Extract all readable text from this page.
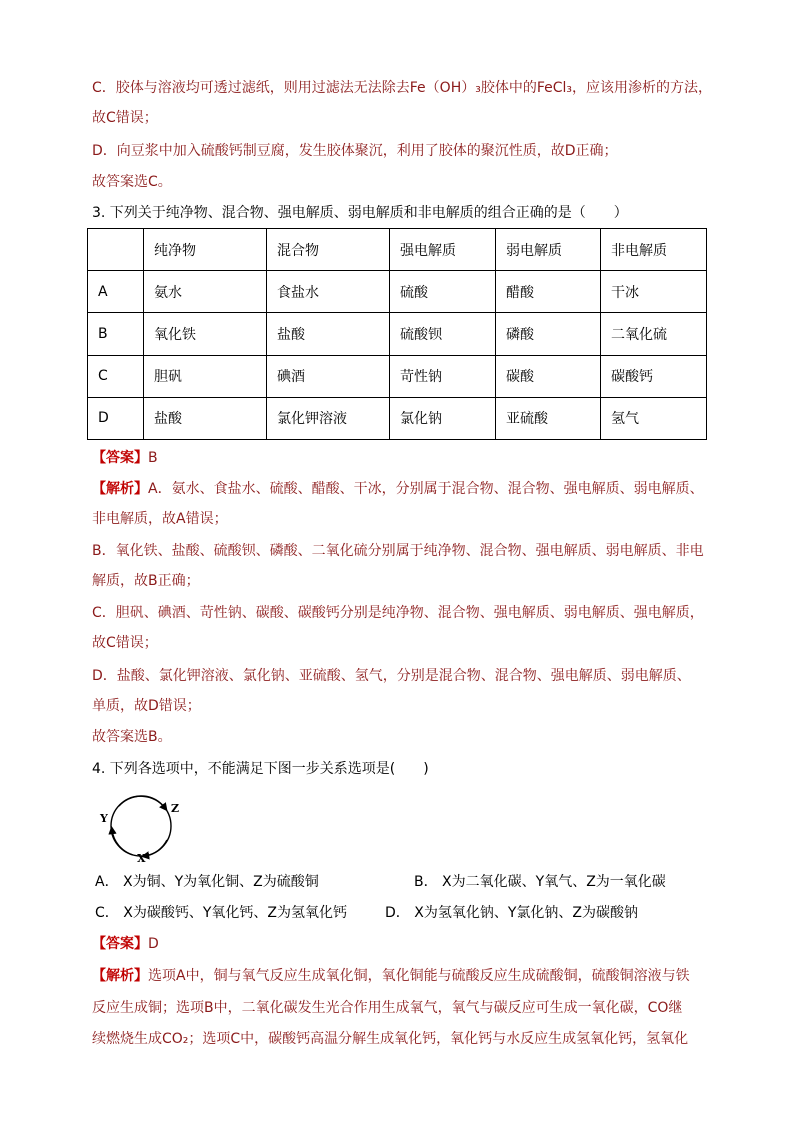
C．胶体与溶液均可透过滤纸，则用过滤法无法除去Fe（OH）₃胶体中的FeCl₃，应该用渗析的方法，
故C错误；
D．向豆浆中加入硫酸钙制豆腐，发生胶体聚沉，利用了胶体的聚沉性质，故D正确；
故答案选C。
3. 下列关于纯净物、混合物、强电解质、弱电解质和非电解质的组合正确的是（　　）
	纯净物	混合物	强电解质	弱电解质	非电解质
A	氨水	食盐水	硫酸	醋酸	干冰
B	氧化铁	盐酸	硫酸钡	磷酸	二氧化硫
C	胆矾	碘酒	苛性钠	碳酸	碳酸钙
D	盐酸	氯化钾溶液	氯化钠	亚硫酸	氢气
【答案】B
【解析】A．氨水、食盐水、硫酸、醋酸、干冰，分别属于混合物、混合物、强电解质、弱电解质、
非电解质，故A错误；
B．氧化铁、盐酸、硫酸钡、磷酸、二氧化硫分别属于纯净物、混合物、强电解质、弱电解质、非电
解质，故B正确；
C．胆矾、碘酒、苛性钠、碳酸、碳酸钙分别是纯净物、混合物、强电解质、弱电解质、强电解质，
故C错误；
D．盐酸、氯化钾溶液、氯化钠、亚硫酸、氢气，分别是混合物、混合物、强电解质、弱电解质、
单质，故D错误；
故答案选B。
4. 下列各选项中，不能满足下图一步关系选项是(　　)
Y
Z
X
A． X为铜、Y为氧化铜、Z为硫酸铜	B． X为二氧化碳、Y氧气、Z为一氧化碳
C． X为碳酸钙、Y氧化钙、Z为氢氧化钙	D． X为氢氧化钠、Y氯化钠、Z为碳酸钠
【答案】D
【解析】选项A中，铜与氧气反应生成氧化铜，氧化铜能与硫酸反应生成硫酸铜，硫酸铜溶液与铁
反应生成铜；选项B中，二氧化碳发生光合作用生成氧气，氧气与碳反应可生成一氧化碳，CO继
续燃烧生成CO₂；选项C中，碳酸钙高温分解生成氧化钙，氧化钙与水反应生成氢氧化钙，氢氧化
